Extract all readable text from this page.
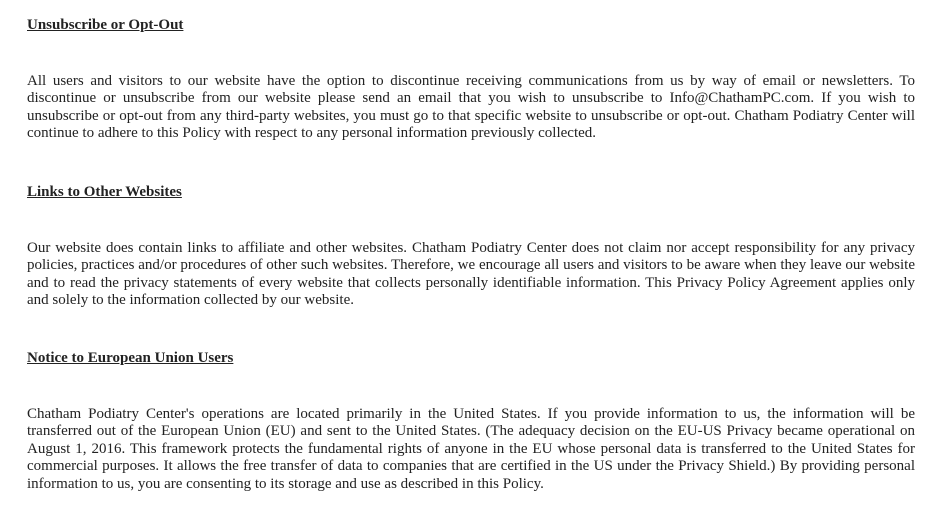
Unsubscribe or Opt-Out

All users and visitors to our website have the option to discontinue receiving communications from us by way of email or newsletters. To discontinue or unsubscribe from our website please send an email that you wish to unsubscribe to Info@ChathamPC.com. If you wish to unsubscribe or opt-out from any third-party websites, you must go to that specific website to unsubscribe or opt-out. Chatham Podiatry Center will continue to adhere to this Policy with respect to any personal information previously collected.

Links to Other Websites

Our website does contain links to affiliate and other websites. Chatham Podiatry Center does not claim nor accept responsibility for any privacy policies, practices and/or procedures of other such websites. Therefore, we encourage all users and visitors to be aware when they leave our website and to read the privacy statements of every website that collects personally identifiable information. This Privacy Policy Agreement applies only and solely to the information collected by our website.

Notice to European Union Users

Chatham Podiatry Center's operations are located primarily in the United States. If you provide information to us, the information will be transferred out of the European Union (EU) and sent to the United States. (The adequacy decision on the EU-US Privacy became operational on August 1, 2016. This framework protects the fundamental rights of anyone in the EU whose personal data is transferred to the United States for commercial purposes. It allows the free transfer of data to companies that are certified in the US under the Privacy Shield.) By providing personal information to us, you are consenting to its storage and use as described in this Policy.
